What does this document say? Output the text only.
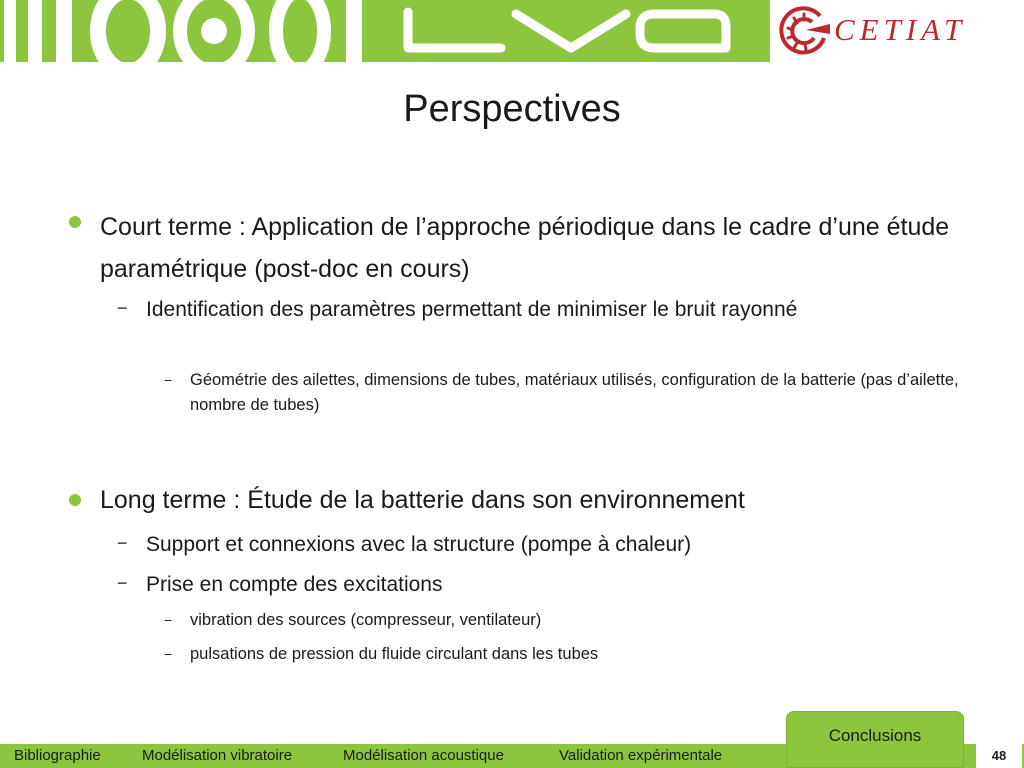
CETIAT
Perspectives
Court terme : Application de l’approche périodique dans le cadre d’une étude paramétrique (post-doc en cours)
− Identification des paramètres permettant de minimiser le bruit rayonné
− Géométrie des ailettes, dimensions de tubes, matériaux utilisés, configuration de la batterie (pas d’ailette, nombre de tubes)
Long terme : Étude de la batterie dans son environnement
− Support et connexions avec la structure (pompe à chaleur)
− Prise en compte des excitations
− vibration des sources (compresseur, ventilateur)
− pulsations de pression du fluide circulant dans les tubes
Bibliographie	Modélisation vibratoire	Modélisation acoustique	Validation expérimentale
Conclusions
48
